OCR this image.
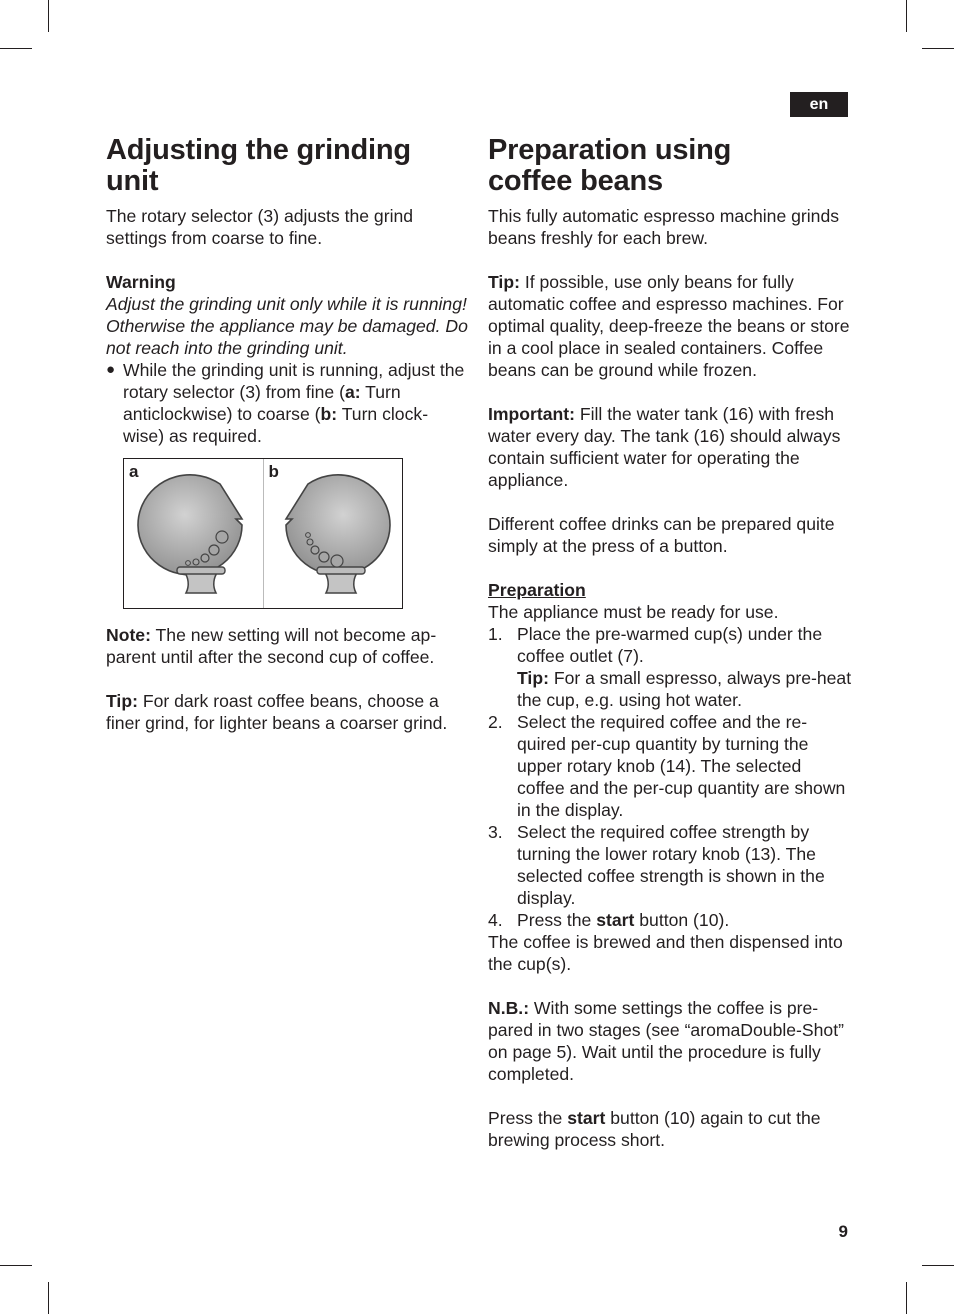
en
Adjusting the grinding unit

The rotary selector (3) adjusts the grind settings from coarse to fine.

Warning

Adjust the grinding unit only while it is running! Otherwise the appliance may be damaged. Do not reach into the grinding unit.

● While the grinding unit is running, adjust the rotary selector (3) from fine (a: Turn anticlockwise) to coarse (b: Turn clock-wise) as required.
a	b

Note: The new setting will not become ap-parent until after the second cup of coffee.

Tip: For dark roast coffee beans, choose a finer grind, for lighter beans a coarser grind.

Preparation using coffee beans

This fully automatic espresso machine grinds beans freshly for each brew.

Tip: If possible, use only beans for fully automatic coffee and espresso machines. For optimal quality, deep-freeze the beans or store in a cool place in sealed containers. Coffee beans can be ground while frozen.

Important: Fill the water tank (16) with fresh water every day. The tank (16) should always contain sufficient water for operating the appliance.

Different coffee drinks can be prepared quite simply at the press of a button.

Preparation

The appliance must be ready for use.

1. Place the pre-warmed cup(s) under the coffee outlet (7).
Tip: For a small espresso, always pre-heat the cup, e.g. using hot water.
2. Select the required coffee and the re-quired per-cup quantity by turning the upper rotary knob (14). The selected coffee and the per-cup quantity are shown in the display.
3. Select the required coffee strength by turning the lower rotary knob (13). The selected coffee strength is shown in the display.
4. Press the start button (10).

The coffee is brewed and then dispensed into the cup(s).

N.B.: With some settings the coffee is pre-pared in two stages (see “aromaDouble-Shot” on page 5). Wait until the procedure is fully completed.

Press the start button (10) again to cut the brewing process short.

9
